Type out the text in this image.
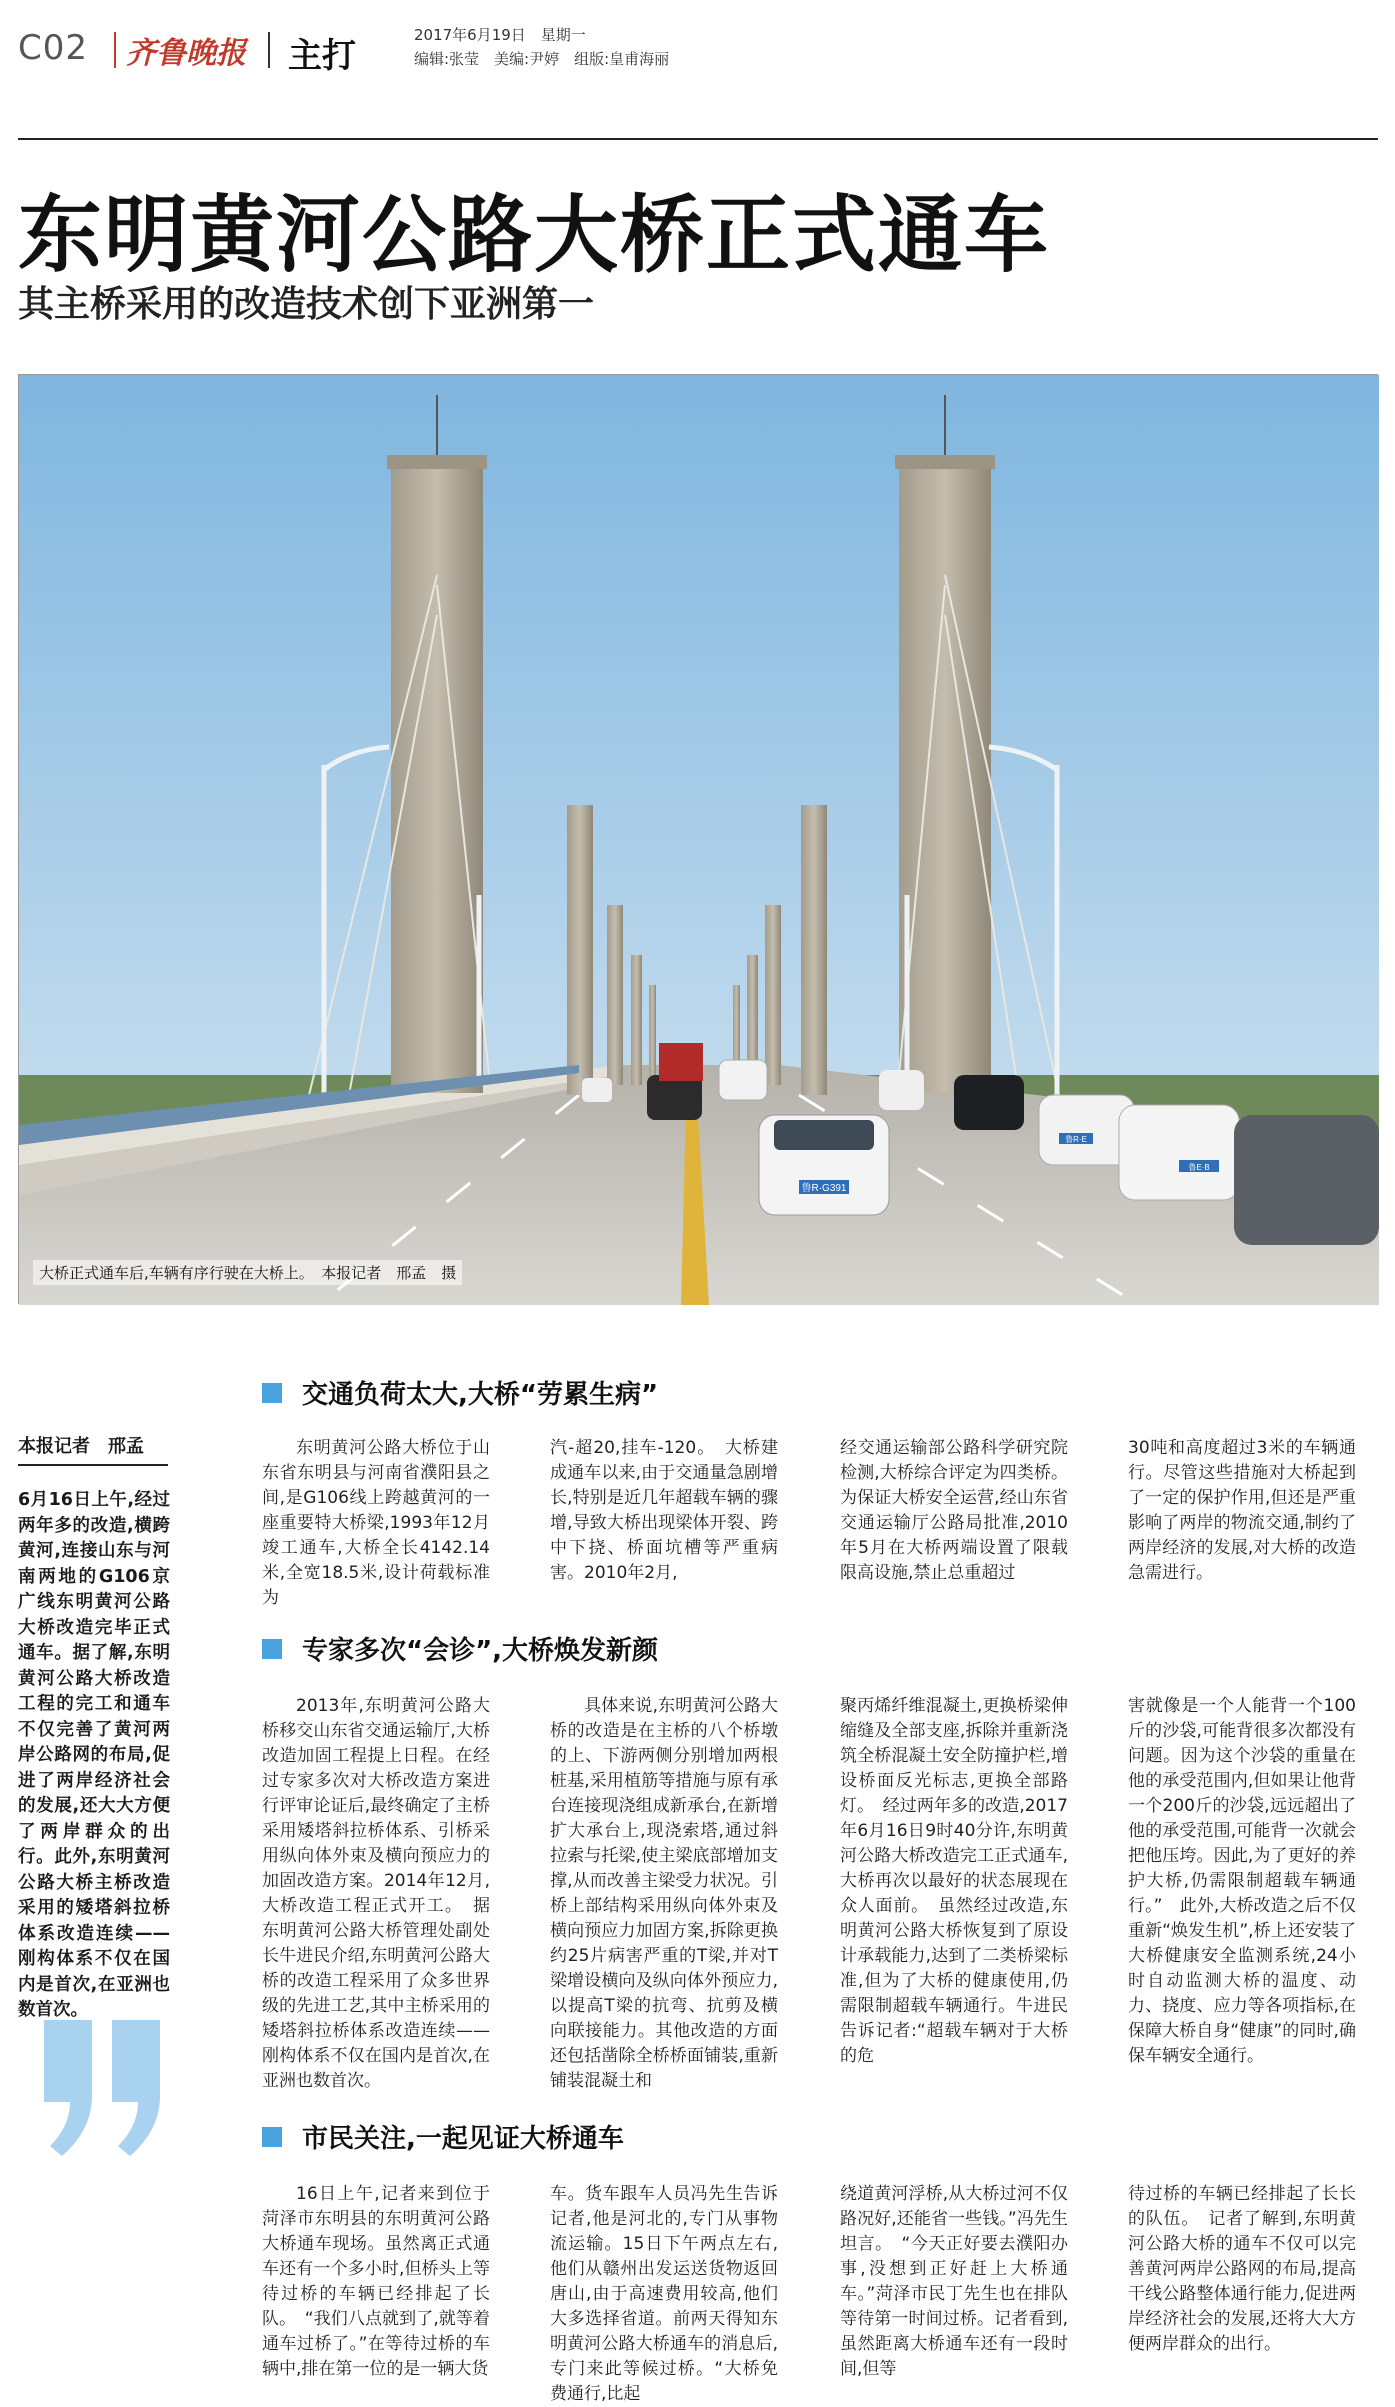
C02 齐鲁晚报 主打
2017年6月19日　星期一
编辑:张莹　美编:尹婷　组版:皇甫海丽
东明黄河公路大桥正式通车
其主桥采用的改造技术创下亚洲第一
鲁R·G391
鲁R·E
鲁E·B
大桥正式通车后,车辆有序行驶在大桥上。　本报记者　邢孟　摄
本报记者　邢孟
6月16日上午,经过两年多的改造,横跨黄河,连接山东与河南两地的G106京广线东明黄河公路大桥改造完毕正式通车。据了解,东明黄河公路大桥改造工程的完工和通车不仅完善了黄河两岸公路网的布局,促进了两岸经济社会的发展,还大大方便了两岸群众的出行。此外,东明黄河公路大桥主桥改造采用的矮塔斜拉桥体系改造连续——刚构体系不仅在国内是首次,在亚洲也数首次。
交通负荷太大,大桥“劳累生病”

东明黄河公路大桥位于山东省东明县与河南省濮阳县之间,是G106线上跨越黄河的一座重要特大桥梁,1993年12月竣工通车,大桥全长4142.14米,全宽18.5米,设计荷载标准为

汽-超20,挂车-120。　大桥建成通车以来,由于交通量急剧增长,特别是近几年超载车辆的骤增,导致大桥出现梁体开裂、跨中下挠、桥面坑槽等严重病害。2010年2月,

经交通运输部公路科学研究院检测,大桥综合评定为四类桥。为保证大桥安全运营,经山东省交通运输厅公路局批准,2010年5月在大桥两端设置了限载限高设施,禁止总重超过

30吨和高度超过3米的车辆通行。尽管这些措施对大桥起到了一定的保护作用,但还是严重影响了两岸的物流交通,制约了两岸经济的发展,对大桥的改造急需进行。

专家多次“会诊”,大桥焕发新颜

2013年,东明黄河公路大桥移交山东省交通运输厅,大桥改造加固工程提上日程。在经过专家多次对大桥改造方案进行评审论证后,最终确定了主桥采用矮塔斜拉桥体系、引桥采用纵向体外束及横向预应力的加固改造方案。2014年12月,大桥改造工程正式开工。　据东明黄河公路大桥管理处副处长牛进民介绍,东明黄河公路大桥的改造工程采用了众多世界级的先进工艺,其中主桥采用的矮塔斜拉桥体系改造连续——刚构体系不仅在国内是首次,在亚洲也数首次。

具体来说,东明黄河公路大桥的改造是在主桥的八个桥墩的上、下游两侧分别增加两根桩基,采用植筋等措施与原有承台连接现浇组成新承台,在新增扩大承台上,现浇索塔,通过斜拉索与托梁,使主梁底部增加支撑,从而改善主梁受力状况。引桥上部结构采用纵向体外束及横向预应力加固方案,拆除更换约25片病害严重的T梁,并对T梁增设横向及纵向体外预应力,以提高T梁的抗弯、抗剪及横向联接能力。其他改造的方面还包括凿除全桥桥面铺装,重新铺装混凝土和

聚丙烯纤维混凝土,更换桥梁伸缩缝及全部支座,拆除并重新浇筑全桥混凝土安全防撞护栏,增设桥面反光标志,更换全部路灯。　经过两年多的改造,2017年6月16日9时40分许,东明黄河公路大桥改造完工正式通车,大桥再次以最好的状态展现在众人面前。　虽然经过改造,东明黄河公路大桥恢复到了原设计承载能力,达到了二类桥梁标准,但为了大桥的健康使用,仍需限制超载车辆通行。牛进民告诉记者:“超载车辆对于大桥的危

害就像是一个人能背一个100斤的沙袋,可能背很多次都没有问题。因为这个沙袋的重量在他的承受范围内,但如果让他背一个200斤的沙袋,远远超出了他的承受范围,可能背一次就会把他压垮。因此,为了更好的养护大桥,仍需限制超载车辆通行。”　此外,大桥改造之后不仅重新“焕发生机”,桥上还安装了大桥健康安全监测系统,24小时自动监测大桥的温度、动力、挠度、应力等各项指标,在保障大桥自身“健康”的同时,确保车辆安全通行。

市民关注,一起见证大桥通车

16日上午,记者来到位于菏泽市东明县的东明黄河公路大桥通车现场。虽然离正式通车还有一个多小时,但桥头上等待过桥的车辆已经排起了长队。　“我们八点就到了,就等着通车过桥了。”在等待过桥的车辆中,排在第一位的是一辆大货

车。货车跟车人员冯先生告诉记者,他是河北的,专门从事物流运输。15日下午两点左右,他们从赣州出发运送货物返回唐山,由于高速费用较高,他们大多选择省道。前两天得知东明黄河公路大桥通车的消息后,专门来此等候过桥。“大桥免费通行,比起

绕道黄河浮桥,从大桥过河不仅路况好,还能省一些钱。”冯先生坦言。　“今天正好要去濮阳办事,没想到正好赶上大桥通车。”菏泽市民丁先生也在排队等待第一时间过桥。记者看到,虽然距离大桥通车还有一段时间,但等

待过桥的车辆已经排起了长长的队伍。　记者了解到,东明黄河公路大桥的通车不仅可以完善黄河两岸公路网的布局,提高干线公路整体通行能力,促进两岸经济社会的发展,还将大大方便两岸群众的出行。
